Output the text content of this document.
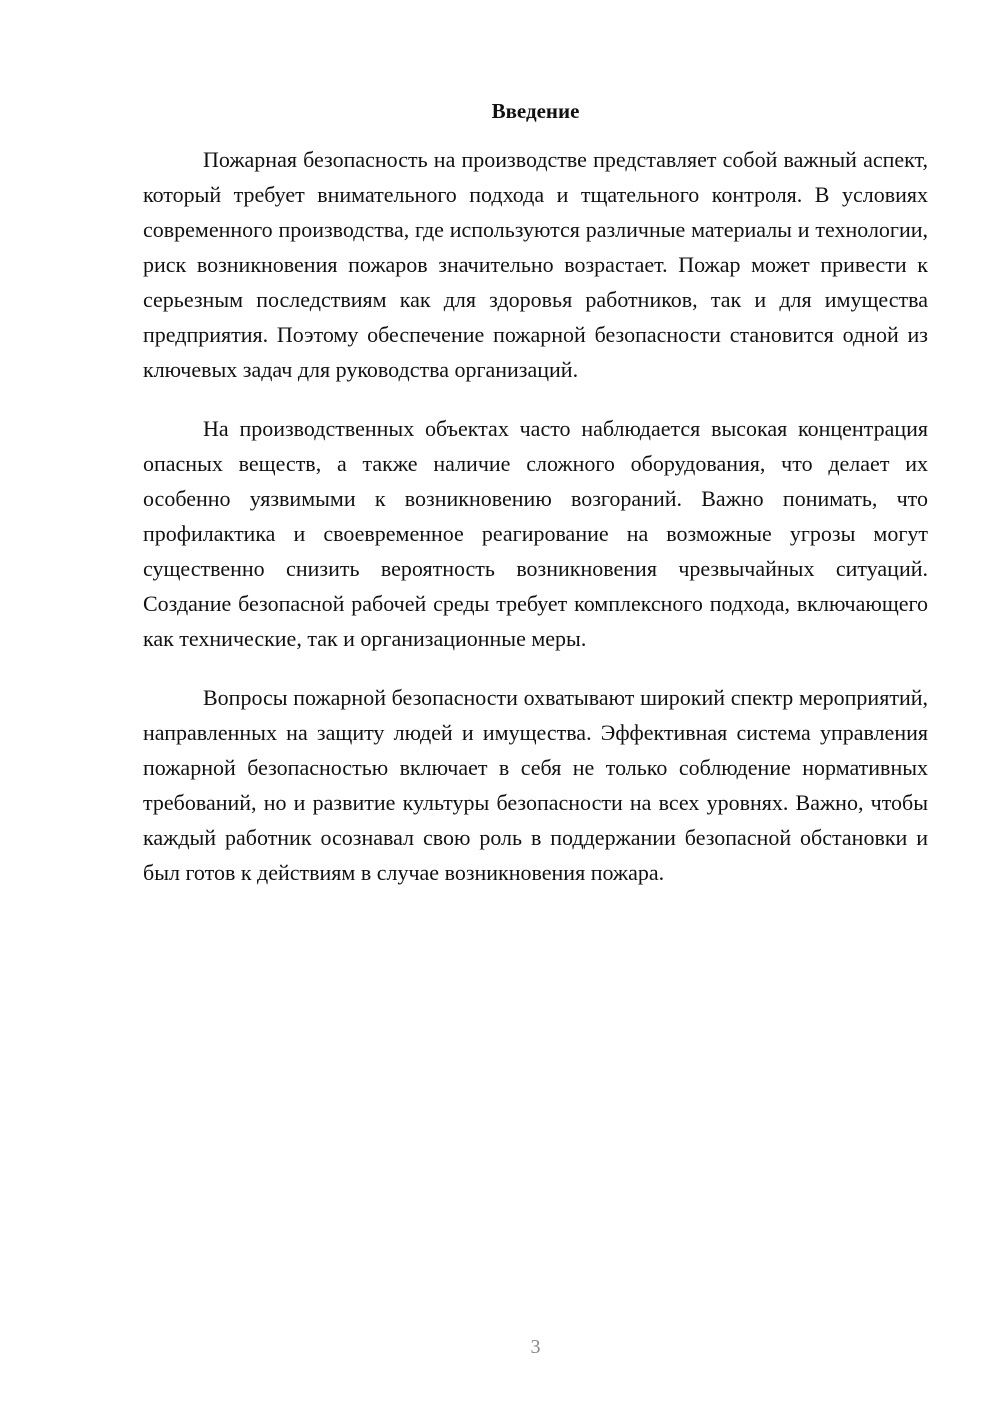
Введение

Пожарная безопасность на производстве представляет собой важный аспект, который требует внимательного подхода и тщательного контроля. В условиях современного производства, где используются различные материалы и технологии, риск возникновения пожаров значительно возрастает. Пожар может привести к серьезным последствиям как для здоровья работников, так и для имущества предприятия. Поэтому обеспечение пожарной безопасности становится одной из ключевых задач для руководства организаций.

На производственных объектах часто наблюдается высокая концентрация опасных веществ, а также наличие сложного оборудования, что делает их особенно уязвимыми к возникновению возгораний. Важно понимать, что профилактика и своевременное реагирование на возможные угрозы могут существенно снизить вероятность возникновения чрезвычайных ситуаций. Создание безопасной рабочей среды требует комплексного подхода, включающего как технические, так и организационные меры.

Вопросы пожарной безопасности охватывают широкий спектр мероприятий, направленных на защиту людей и имущества. Эффективная система управления пожарной безопасностью включает в себя не только соблюдение нормативных требований, но и развитие культуры безопасности на всех уровнях. Важно, чтобы каждый работник осознавал свою роль в поддержании безопасной обстановки и был готов к действиям в случае возникновения пожара.

3
